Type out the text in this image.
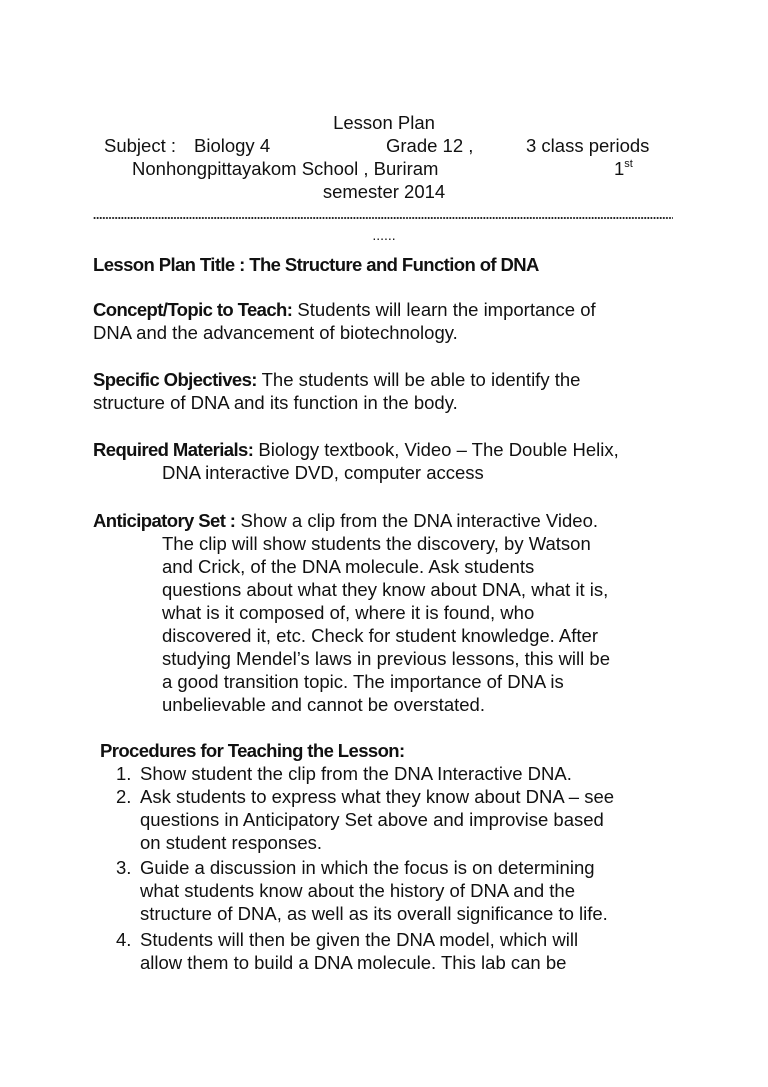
Lesson Plan
Subject : Biology 4	Grade 12 ,	3 class periods
Nonhongpittayakom School , Buriram	1st
semester 2014
......
Lesson Plan Title : The Structure and Function of DNA
Concept/Topic to Teach: Students will learn the importance of
DNA and the advancement of biotechnology.
Specific Objectives: The students will be able to identify the
structure of DNA and its function in the body.
Required Materials: Biology textbook, Video – The Double Helix,
DNA interactive DVD, computer access
Anticipatory Set : Show a clip from the DNA interactive Video.
The clip will show students the discovery, by Watson
and Crick, of the DNA molecule. Ask students
questions about what they know about DNA, what it is,
what is it composed of, where it is found, who
discovered it, etc. Check for student knowledge. After
studying Mendel’s laws in previous lessons, this will be
a good transition topic. The importance of DNA is
unbelievable and cannot be overstated.
Procedures for Teaching the Lesson:
1. Show student the clip from the DNA Interactive DNA.
2. Ask students to express what they know about DNA – see
questions in Anticipatory Set above and improvise based
on student responses.
3. Guide a discussion in which the focus is on determining
what students know about the history of DNA and the
structure of DNA, as well as its overall significance to life.
4. Students will then be given the DNA model, which will
allow them to build a DNA molecule. This lab can be
